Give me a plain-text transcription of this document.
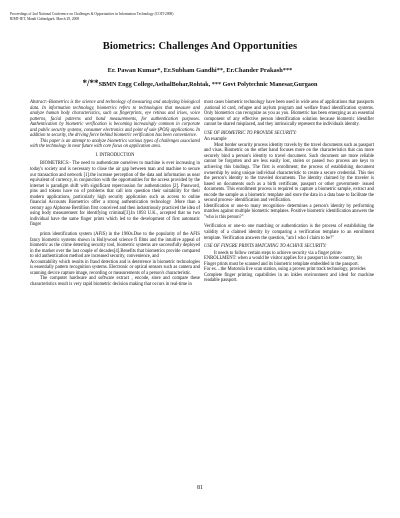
Proceedings of 2nd National Conference on Challenges & Opportunities in Information Technology (COIT-2008)
RIMT-IET, Mandi Gobindgarh. March 29, 2008
Biometrics: Challenges And Opportunities
Er. Pawan Kumar*, Er.Subham Gandhi**, Er.Chander Prakash***
*/**SBMN Engg College,AsthalBohar,Rohtak, *** Govt Polytechnic Manesar,Gurgaon

Abstract:-Biometrics is the science and technology of measuring and analyzing biological data. In information technology, biometrics refers to technologies that measure and analyze human body characteristics, such as fingerprints, eye retinas and irises, voice patterns, facial patterns and hand measurements, for authentication purposes. Authentication by biometric verification is becoming increasingly common in corporate and public security systems, consumer electronics and point of sale (POS) applications. In addition to security, the driving force behind biometric verification has been convenience.

This paper is an attempt to analyze biometrics various types of challenges associated with the technology in near future with core focus on application area.

I. INTRODUCTION

BIOMETRICS:- The need to authenticate ourselves to machine is ever increasing in today's society and is necessary to close the air gap between man and machine to secure our transaction and network [1].the increase perception of the data and information as near equivalent of currency, in conjunction with the opportunities for the access provided by the internet is paradigm shift with significant repercussion for authentication [2]. Password, pins and tokens have no of problems that call into question their suitability for their modern applications, particularly high security application such as access to online financial Accounts Biometrics offer a strong authentication technology .More than a century ago Alphonse Bertillion first conceived and then industriously practiced the idea of using body measurement for identifying criminal[3].In 1893 U.K., accepted that no two individual have the same finger prints which led to the development of first automatic finger

prints identification system (AFIS) in the 1960s.Due to the popularity of the AFIS fancy biometric systems shown in Hollywood science fi films and the intuitive appeal of biometric as the crime deterring security tool, biometric systems are successfully deployed in the market over the last couple of decades[4].Benefits that biometrics provide compared to old authentication method are increased security, convenience, and

Accountability which results in fraud detection and is deterrence in biometric technologies is essentially pattern recognition systems. Electronic or optical sensors such as camera and scanning device capture image, recording or measurements of a person's characteristic.

The computer hardware and software extract , encode, store and compare these characteristics result is very rapid biometric decision making that occurs in real-time in

most cases biometric technology have been used in wide area of applications that passports ,national id card, refugee and asylum program and welfare fraud identification systems. Only biometrics can recognize as you as you. Biometric has been emerging as an essential component of any effective person identification solution because biometric identifier cannot be shared misplaced, and they intrinsically represent the individuals identity.

USE OF BIOMETRIC TO PROVIDE SECURITY:

An example

Most border security process identity travels by the travel documents such as passport and visas. Biometric on the other hand focuses more on the characteristics that can more securely bind a person's identity to travel document. Such document are more reliable cannot be forgotten and are less easily lost, stolen or passed two process are keys to achieving this bindings. The first is enrollment; the process of establishing document ownership by using unique individual characteristic to create a secure credential. This ties the person's identity to the traveled documents. The identity claimed by the traveler is based on documents such as a birth certificate, passport or other government- issued documents. This enrollment process is required to capture a biometric sample, extract and encode the sample as a biometric template and store the data in a data base to facilitate the second process- identification and verification.

Identification or one-to many recognition- determines a person's identity by performing matches against multiple biometric templates. Positive biometric identification answers the "who is this person?"

Verification or one-to one matching or authentication is the process of establishing the validity of a claimed identity by comparing a verification template to an enrollment template. Verification answers the question, "am I who I claim to be?"

USE OF FINGRE PRINTS MATCHING TO ACHIVE SECURITY:

It needs to follow certain steps to achieve security via a finger prints-

ENROLLMENT: when a would be visitor applies for a passport in home country, his

Finger prints must be scanned and its biometric template embedded in the passport.

For ex…the Motorola live scan station, using a proven print track technology, provides

Complete finger printing capabilities in an inkles environment and ideal for machine readable passport.

81
